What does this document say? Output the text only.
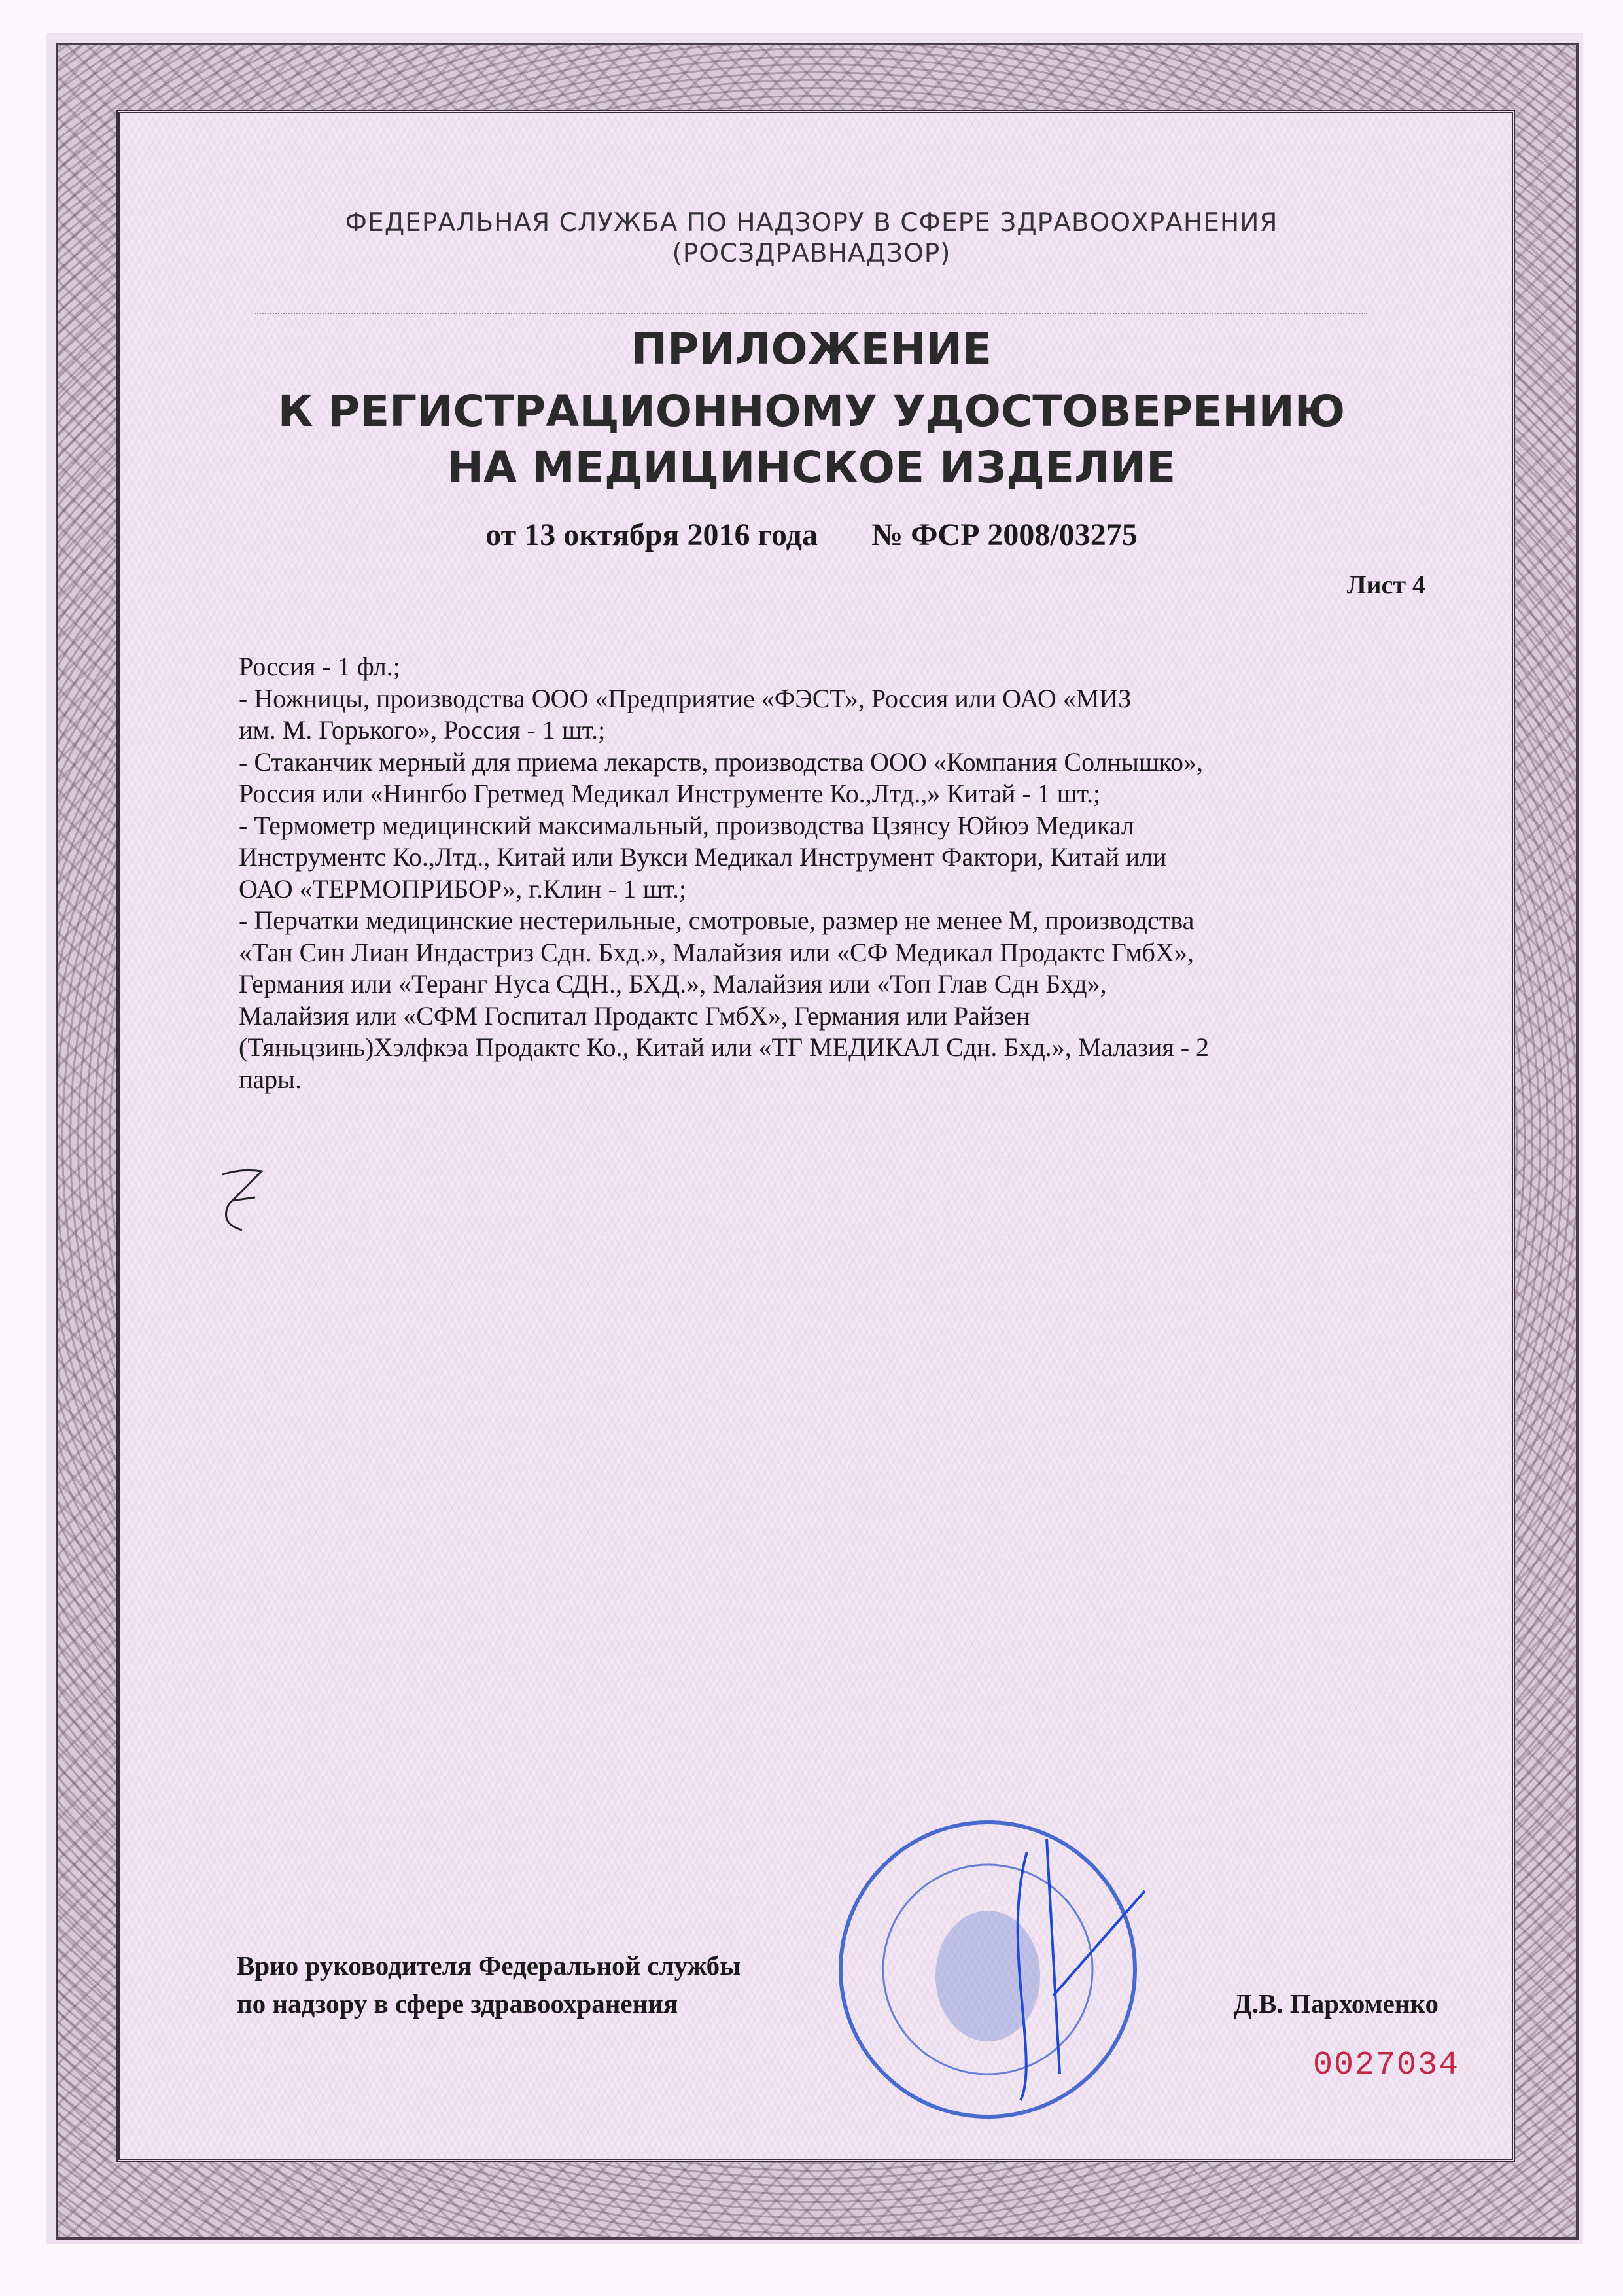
ФЕДЕРАЛЬНАЯ СЛУЖБА ПО НАДЗОРУ В СФЕРЕ ЗДРАВООХРАНЕНИЯ
(РОСЗДРАВНАДЗОР)
ПРИЛОЖЕНИЕ
К РЕГИСТРАЦИОННОМУ УДОСТОВЕРЕНИЮ
НА МЕДИЦИНСКОЕ ИЗДЕЛИЕ
от 13 октября 2016 года № ФСР 2008/03275
Лист 4
Россия - 1 фл.;
- Ножницы, производства ООО «Предприятие «ФЭСТ», Россия или ОАО «МИЗ
им. М. Горького», Россия - 1 шт.;
- Стаканчик мерный для приема лекарств, производства ООО «Компания Солнышко»,
Россия или «Нингбо Гретмед Медикал Инструменте Ко.,Лтд.,» Китай - 1 шт.;
- Термометр медицинский максимальный, производства Цзянсу Юйюэ Медикал
Инструментс Ко.,Лтд., Китай или Вукси Медикал Инструмент Фактори, Китай или
ОАО «ТЕРМОПРИБОР», г.Клин - 1 шт.;
- Перчатки медицинские нестерильные, смотровые, размер не менее М, производства
«Тан Син Лиан Индастриз Сдн. Бхд.», Малайзия или «СФ Медикал Продактс ГмбХ»,
Германия или «Теранг Нуса СДН., БХД.», Малайзия или «Топ Глав Сдн Бхд»,
Малайзия или «СФМ Госпитал Продактс ГмбХ», Германия или Райзен
(Тяньцзинь)Хэлфкэа Продактс Ко., Китай или «ТГ МЕДИКАЛ Сдн. Бхд.», Малазия - 2
пары.
Врио руководителя Федеральной службы
по надзору в сфере здравоохранения	Д.В. Пархоменко
0027034
